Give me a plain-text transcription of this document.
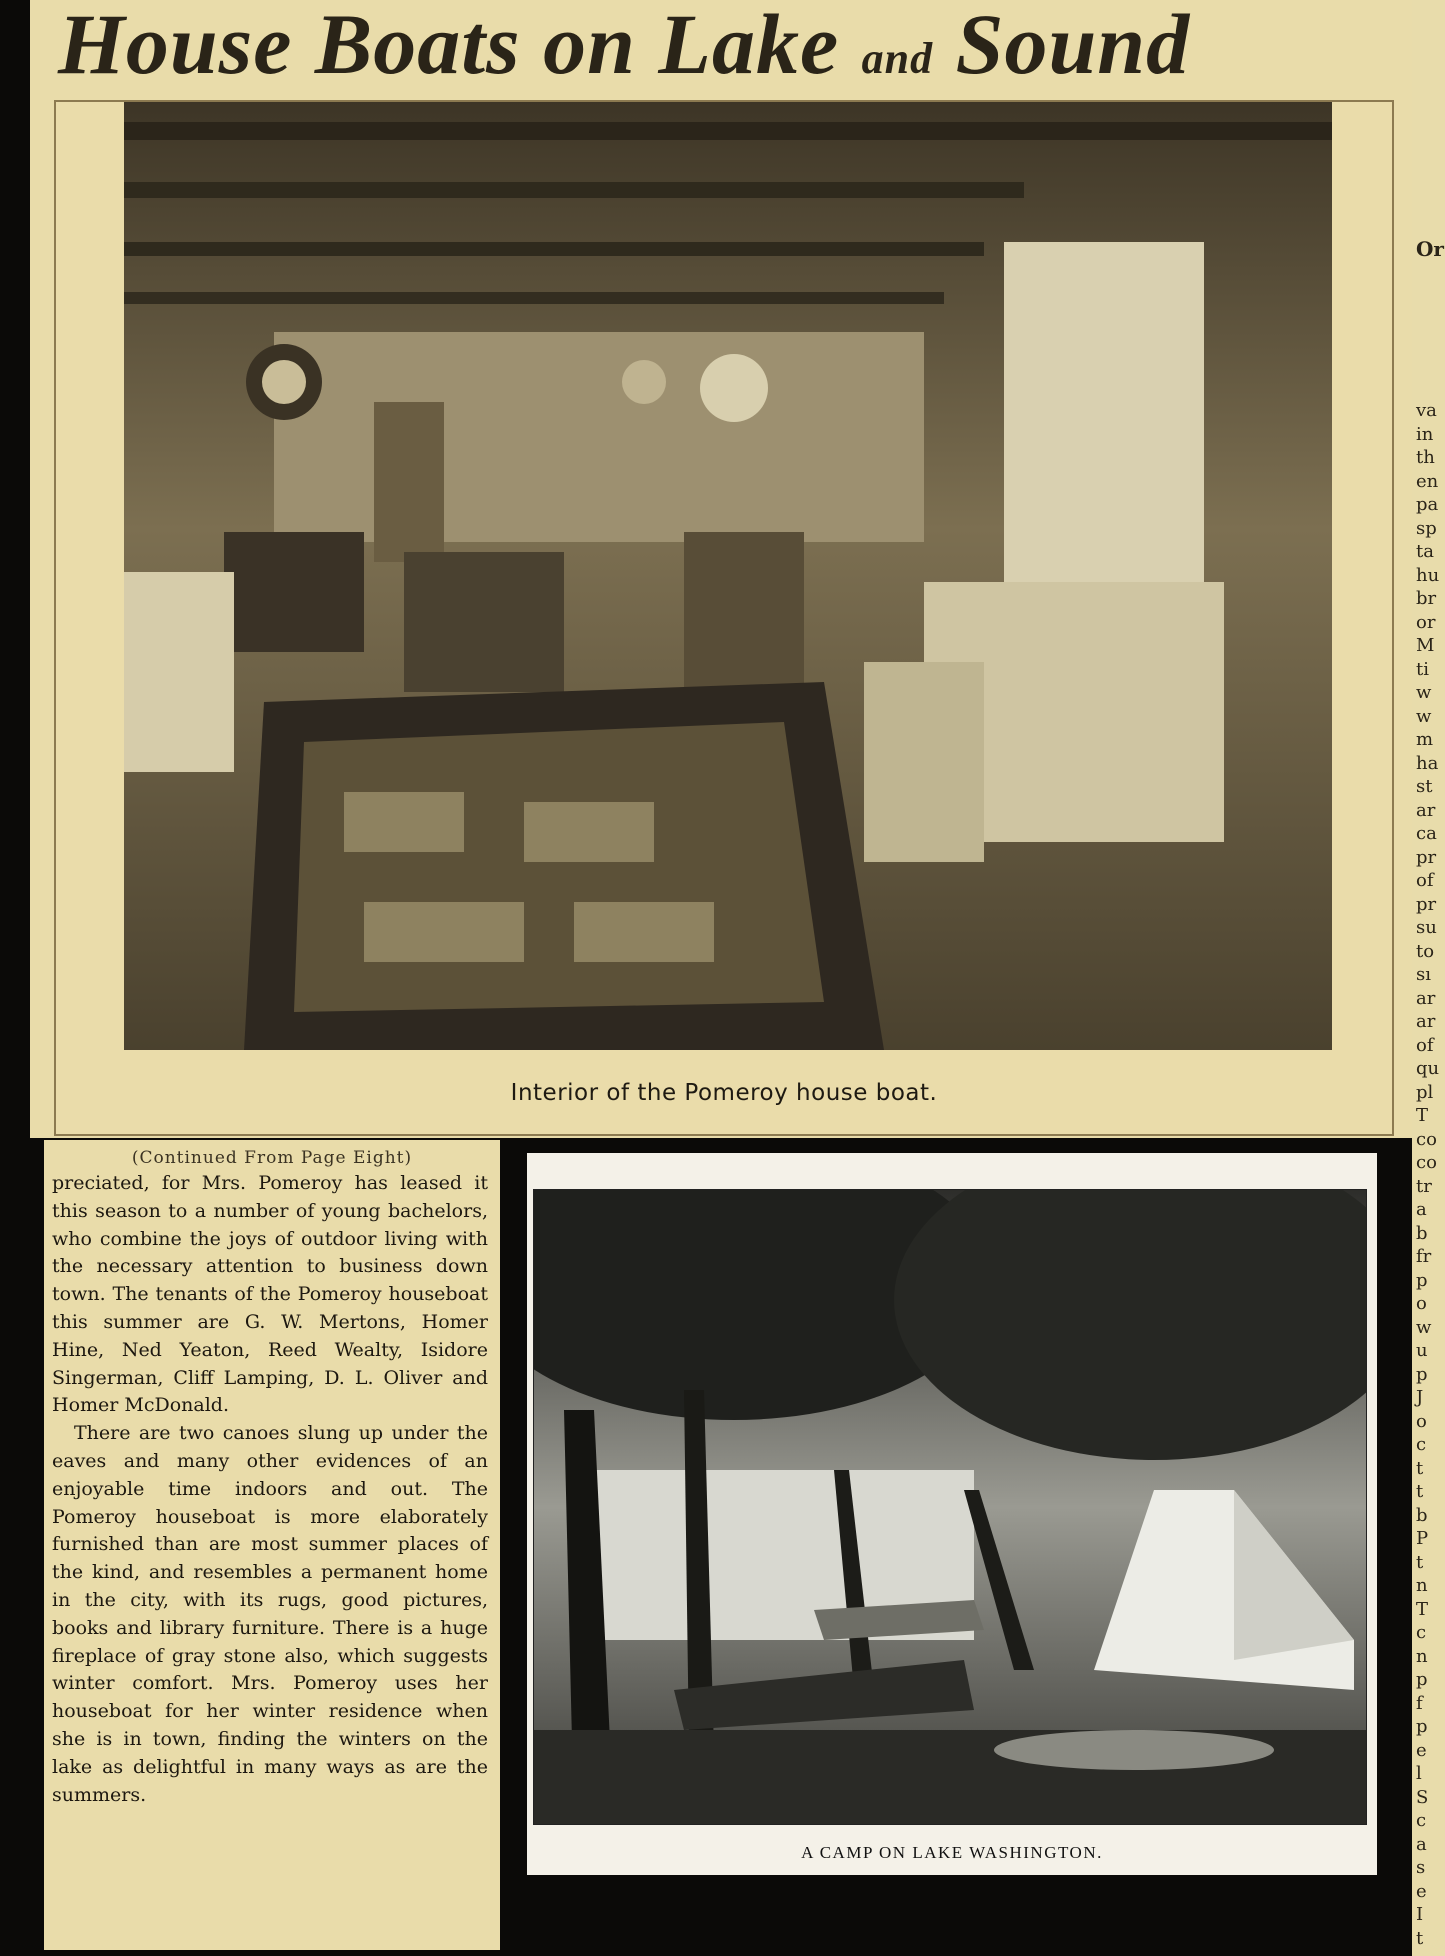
House Boats on Lake and Sound
Interior of the Pomeroy house boat.
Or
va
in
th
en
pa
sp
ta
hu
br
or
M
ti
w
w
m
ha
st
ar
ca
pr
of
pr
su
to
sı
ar
ar
of
qu
pl
T
co
co
tr
a
b
fr
p
o
w
u
p
J
o
c
t
t
b
P
t
n
T
c
n
p
f
p
e
l
S
c
a
s
e
I
t
(Continued From Page Eight)

preciated, for Mrs. Pomeroy has leased it this season to a number of young bachelors, who combine the joys of outdoor living with the necessary attention to business down town. The tenants of the Pomeroy houseboat this summer are G. W. Mertons, Homer Hine, Ned Yeaton, Reed Wealty, Isidore Singerman, Cliff Lamping, D. L. Oliver and Homer McDonald.

There are two canoes slung up under the eaves and many other evidences of an enjoyable time indoors and out. The Pomeroy houseboat is more elaborately furnished than are most summer places of the kind, and resembles a permanent home in the city, with its rugs, good pictures, books and library furniture. There is a huge fireplace of gray stone also, which suggests winter comfort. Mrs. Pomeroy uses her houseboat for her winter residence when she is in town, finding the winters on the lake as delightful in many ways as are the summers.

A CAMP ON LAKE WASHINGTON.
